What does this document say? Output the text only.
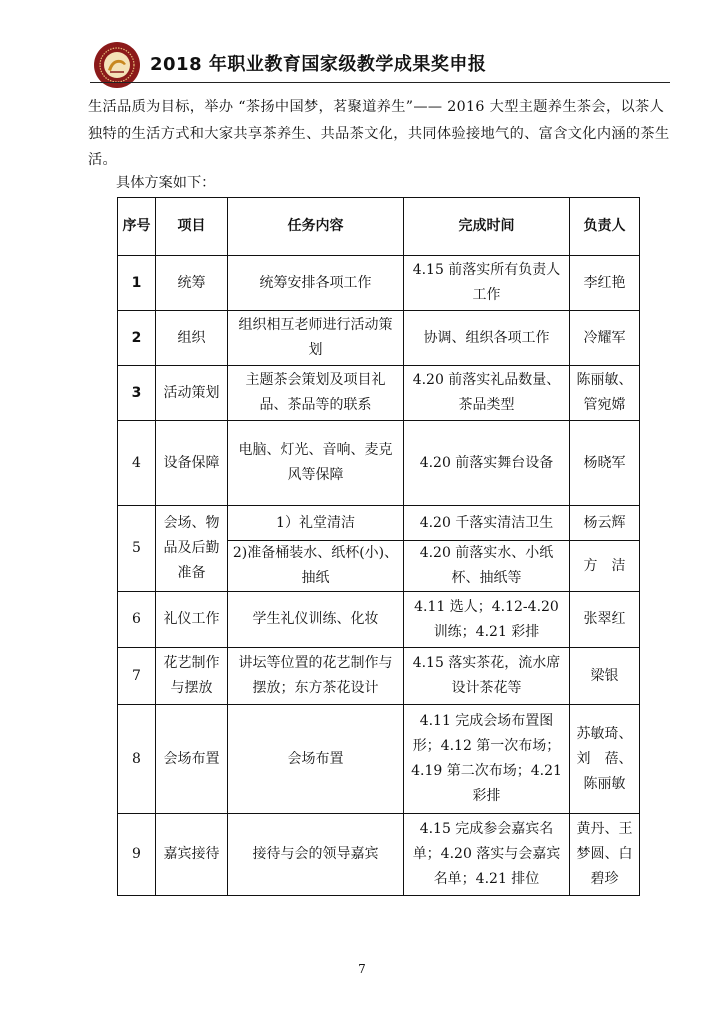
2018 年职业教育国家级教学成果奖申报
生活品质为目标，举办 “茶扬中国梦，茗聚道养生”—— 2016 大型主题养生茶会，以茶人
独特的生活方式和大家共享茶养生、共品茶文化，共同体验接地气的、富含文化内涵的茶生
活。
具体方案如下：
序号	项目	任务内容	完成时间	负责人
1	统筹	统筹安排各项工作	4.15 前落实所有负责人工作	李红艳
2	组织	组织相互老师进行活动策划	协调、组织各项工作	冷耀军
3	活动策划	主题茶会策划及项目礼品、茶品等的联系	4.20 前落实礼品数量、茶品类型	陈丽敏、管宛嫦
4	设备保障	电脑、灯光、音响、麦克风等保障	4.20 前落实舞台设备	杨晓军
5	会场、物品及后勤准备	1）礼堂清洁	4.20 千落实清洁卫生	杨云辉
		2)准备桶装水、纸杯(小)、抽纸	4.20 前落实水、小纸杯、抽纸等	方　洁
6	礼仪工作	学生礼仪训练、化妆	4.11 选人；4.12-4.20 训练；4.21 彩排	张翠红
7	花艺制作与摆放	讲坛等位置的花艺制作与摆放；东方茶花设计	4.15 落实茶花，流水席设计茶花等	梁银
8	会场布置	会场布置	4.11 完成会场布置图形；4.12 第一次布场；4.19 第二次布场；4.21 彩排	苏敏琦、刘　蓓、陈丽敏
9	嘉宾接待	接待与会的领导嘉宾	4.15 完成参会嘉宾名单；4.20 落实与会嘉宾名单；4.21 排位	黄丹、王梦圆、白碧珍
7
